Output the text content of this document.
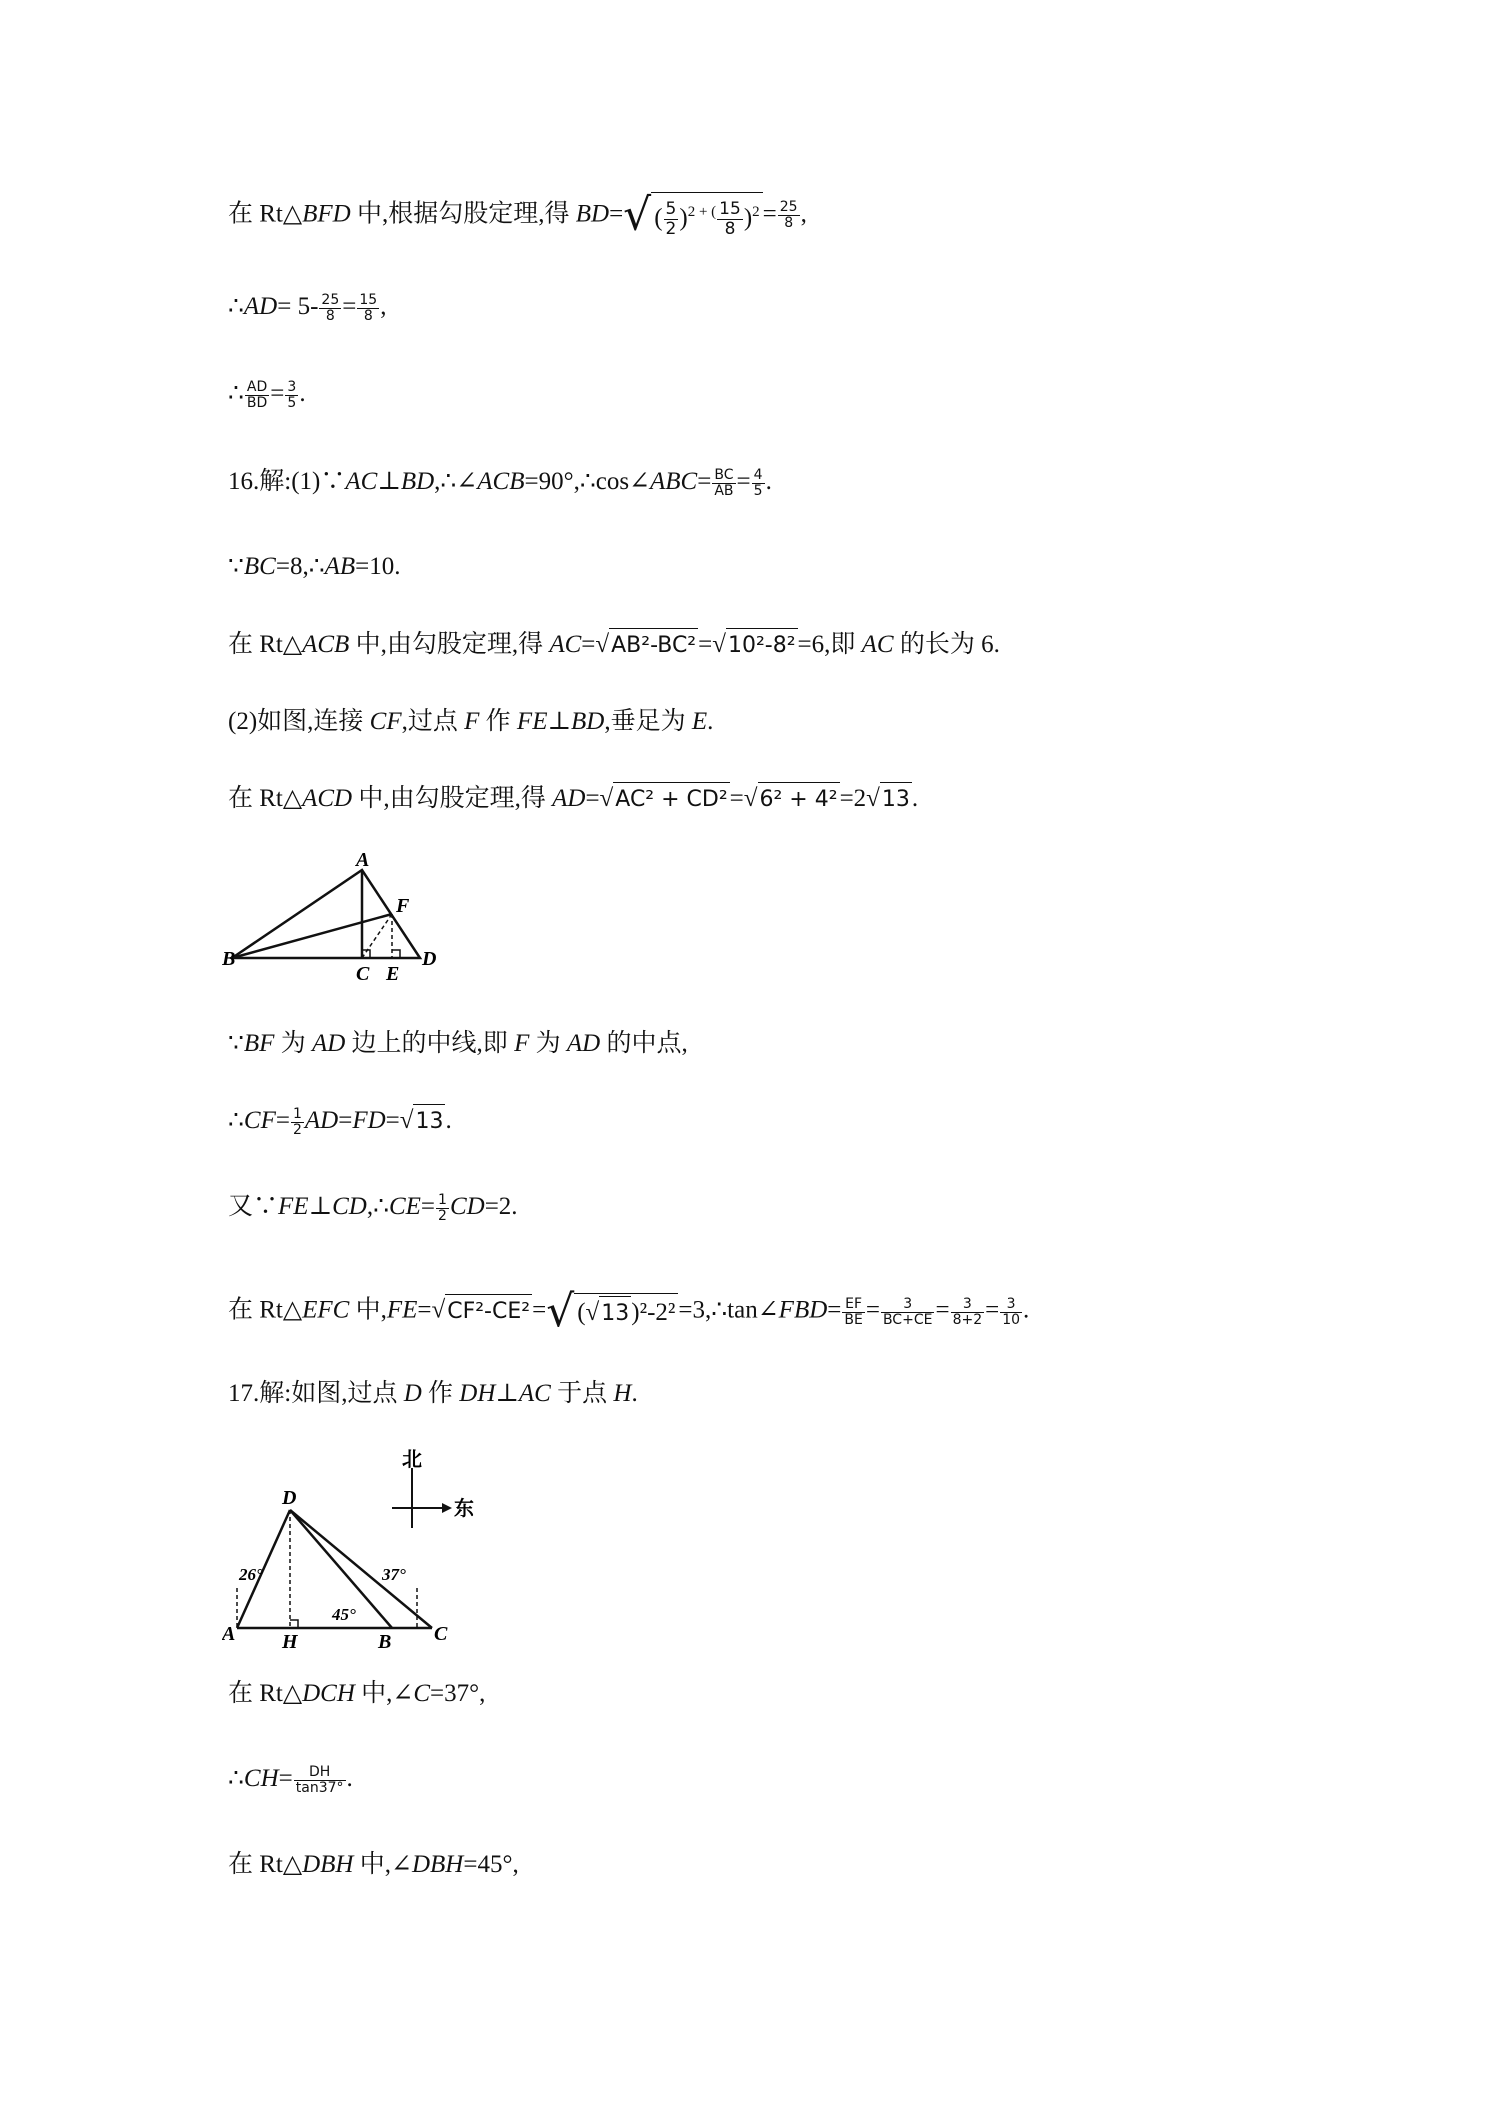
在 Rt△BFD 中,根据勾股定理,得 BD=√ ( $\frac{5}{2} )^{2 + (} \frac{15}{8} )^2 = \frac{25}{8}$ ,
∴AD= $5- \frac{25}{8} = \frac{15}{8}$ ,
∴ $\frac{AD}{BD} = \frac{3}{5}$ .
16.解:(1)∵AC⊥BD,∴∠ACB=90°,∴cos∠ABC= $\frac{BC}{AB} = \frac{4}{5}$ .
∵BC=8,∴AB=10.
在 Rt△ACB 中,由勾股定理,得 AC=√AB²-BC²=√10²-8²=6,即 AC 的长为 6.
(2)如图,连接 CF,过点 F 作 FE⊥BD,垂足为 E.
在 Rt△ACD 中,由勾股定理,得 AD=√AC² + CD²=√6² + 4²=2√13.
A
B
C
D
E
F
∵BF 为 AD 边上的中线,即 F 为 AD 的中点,
∴CF= $\frac{1}{2} AD=FD=√13$.
又∵FE⊥CD,∴CE= $\frac{1}{2} CD=2$.
在 Rt△EFC 中,FE=√CF²-CE²=√ (√13)²-2² =3,∴tan∠FBD= $\frac{EF}{BE} = \frac{3}{BC+CE} = \frac{3}{8+2} = \frac{3}{10}$ .
17.解:如图,过点 D 作 DH⊥AC 于点 H.
北
东
D
A H	B C
26°
45°
37°
在 Rt△DCH 中,∠C=37°,
∴CH= $\frac{DH}{\tan 37^\circ}$ .
在 Rt△DBH 中,∠DBH=45°,
